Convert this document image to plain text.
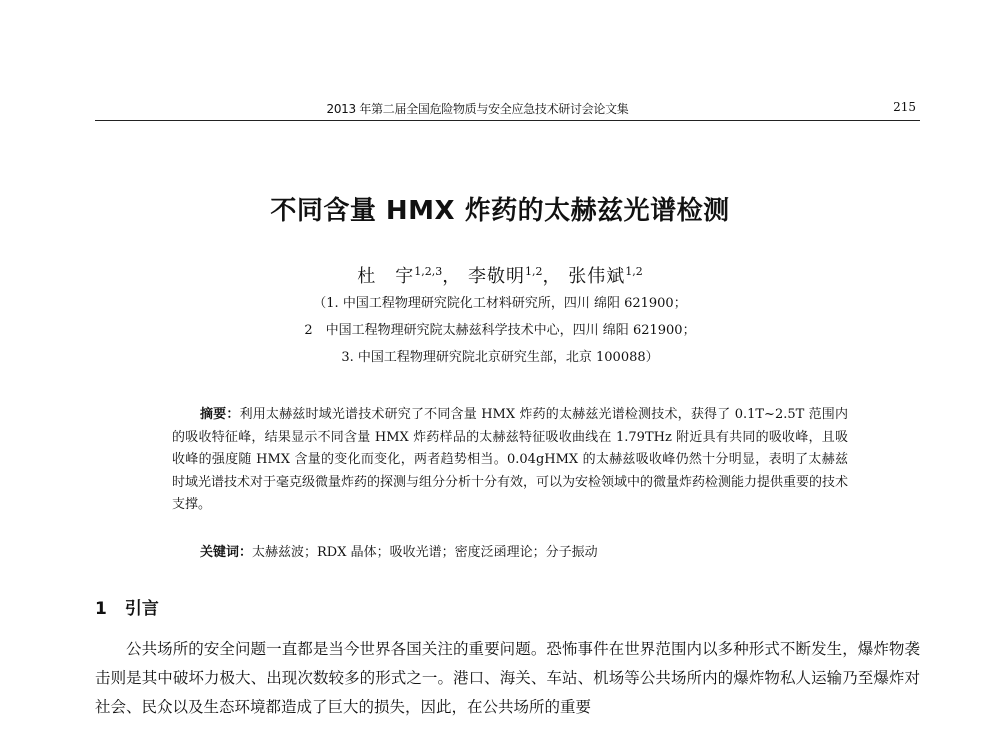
2013 年第二届全国危险物质与安全应急技术研讨会论文集	215
不同含量 HMX 炸药的太赫兹光谱检测
杜　宇$^{1,2,3}$， 李敬明$^{1,2}$， 张伟斌$^{1,2}$
（1. 中国工程物理研究院化工材料研究所，四川 绵阳 621900；
2　中国工程物理研究院太赫兹科学技术中心，四川 绵阳 621900；
3. 中国工程物理研究院北京研究生部，北京 100088）

摘要：利用太赫兹时域光谱技术研究了不同含量 HMX 炸药的太赫兹光谱检测技术，获得了 0.1T~2.5T 范围内的吸收特征峰，结果显示不同含量 HMX 炸药样品的太赫兹特征吸收曲线在 1.79THz 附近具有共同的吸收峰，且吸收峰的强度随 HMX 含量的变化而变化，两者趋势相当。0.04gHMX 的太赫兹吸收峰仍然十分明显，表明了太赫兹时域光谱技术对于毫克级微量炸药的探测与组分分析十分有效，可以为安检领域中的微量炸药检测能力提供重要的技术支撑。

关键词：太赫兹波；RDX 晶体；吸收光谱；密度泛函理论；分子振动
1 引言

公共场所的安全问题一直都是当今世界各国关注的重要问题。恐怖事件在世界范围内以多种形式不断发生，爆炸物袭击则是其中破坏力极大、出现次数较多的形式之一。港口、海关、车站、机场等公共场所内的爆炸物私人运输乃至爆炸对社会、民众以及生态环境都造成了巨大的损失，因此，在公共场所的重要
